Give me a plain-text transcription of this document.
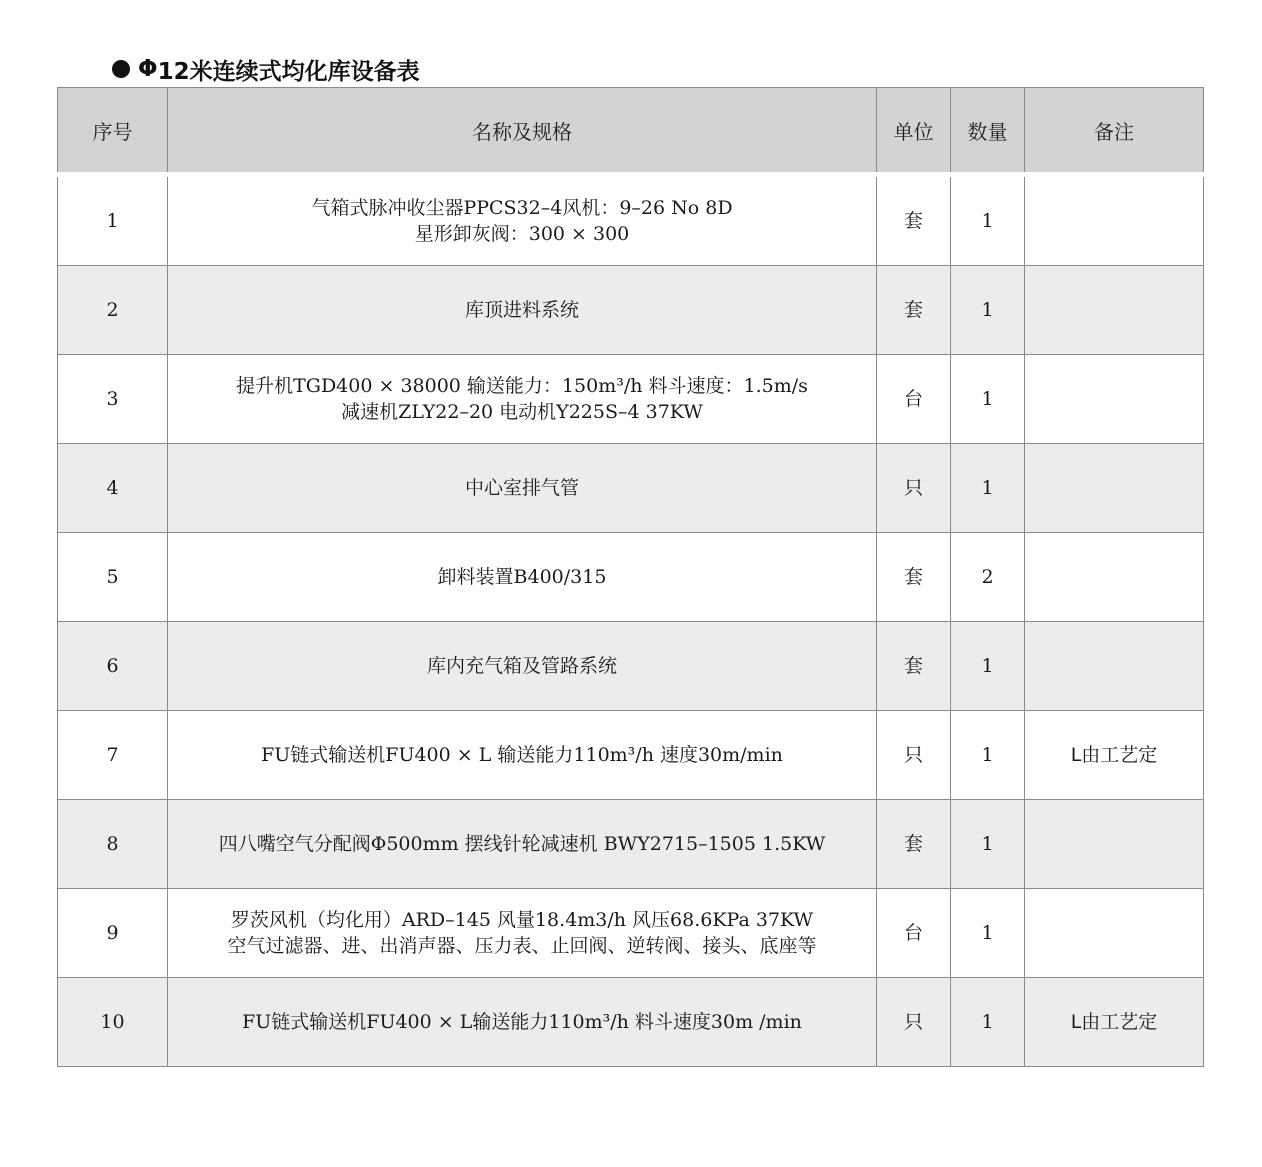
Φ 12米连续式均化库设备表
序号	名称及规格	单位	数量	备注
1	气箱式脉冲收尘器PPCS32–4风机：9–26 No 8D
星形卸灰阀：300 × 300	套	1	
2	库顶进料系统	套	1	
3	提升机TGD400 × 38000 输送能力：150m³/h 料斗速度：1.5m/s
减速机ZLY22–20 电动机Y225S–4 37KW	台	1	
4	中心室排气管	只	1	
5	卸料装置B400/315	套	2	
6	库内充气箱及管路系统	套	1	
7	FU链式输送机FU400 × L 输送能力110m³/h 速度30m/min	只	1	L由工艺定
8	四八嘴空气分配阀Φ500mm 摆线针轮减速机 BWY2715–1505 1.5KW	套	1	
9	罗茨风机（均化用）ARD–145 风量18.4m3/h 风压68.6KPa 37KW
空气过滤器、进、出消声器、压力表、止回阀、逆转阀、接头、底座等	台	1	
10	FU链式输送机FU400 × L输送能力110m³/h 料斗速度30m /min	只	1	L由工艺定
